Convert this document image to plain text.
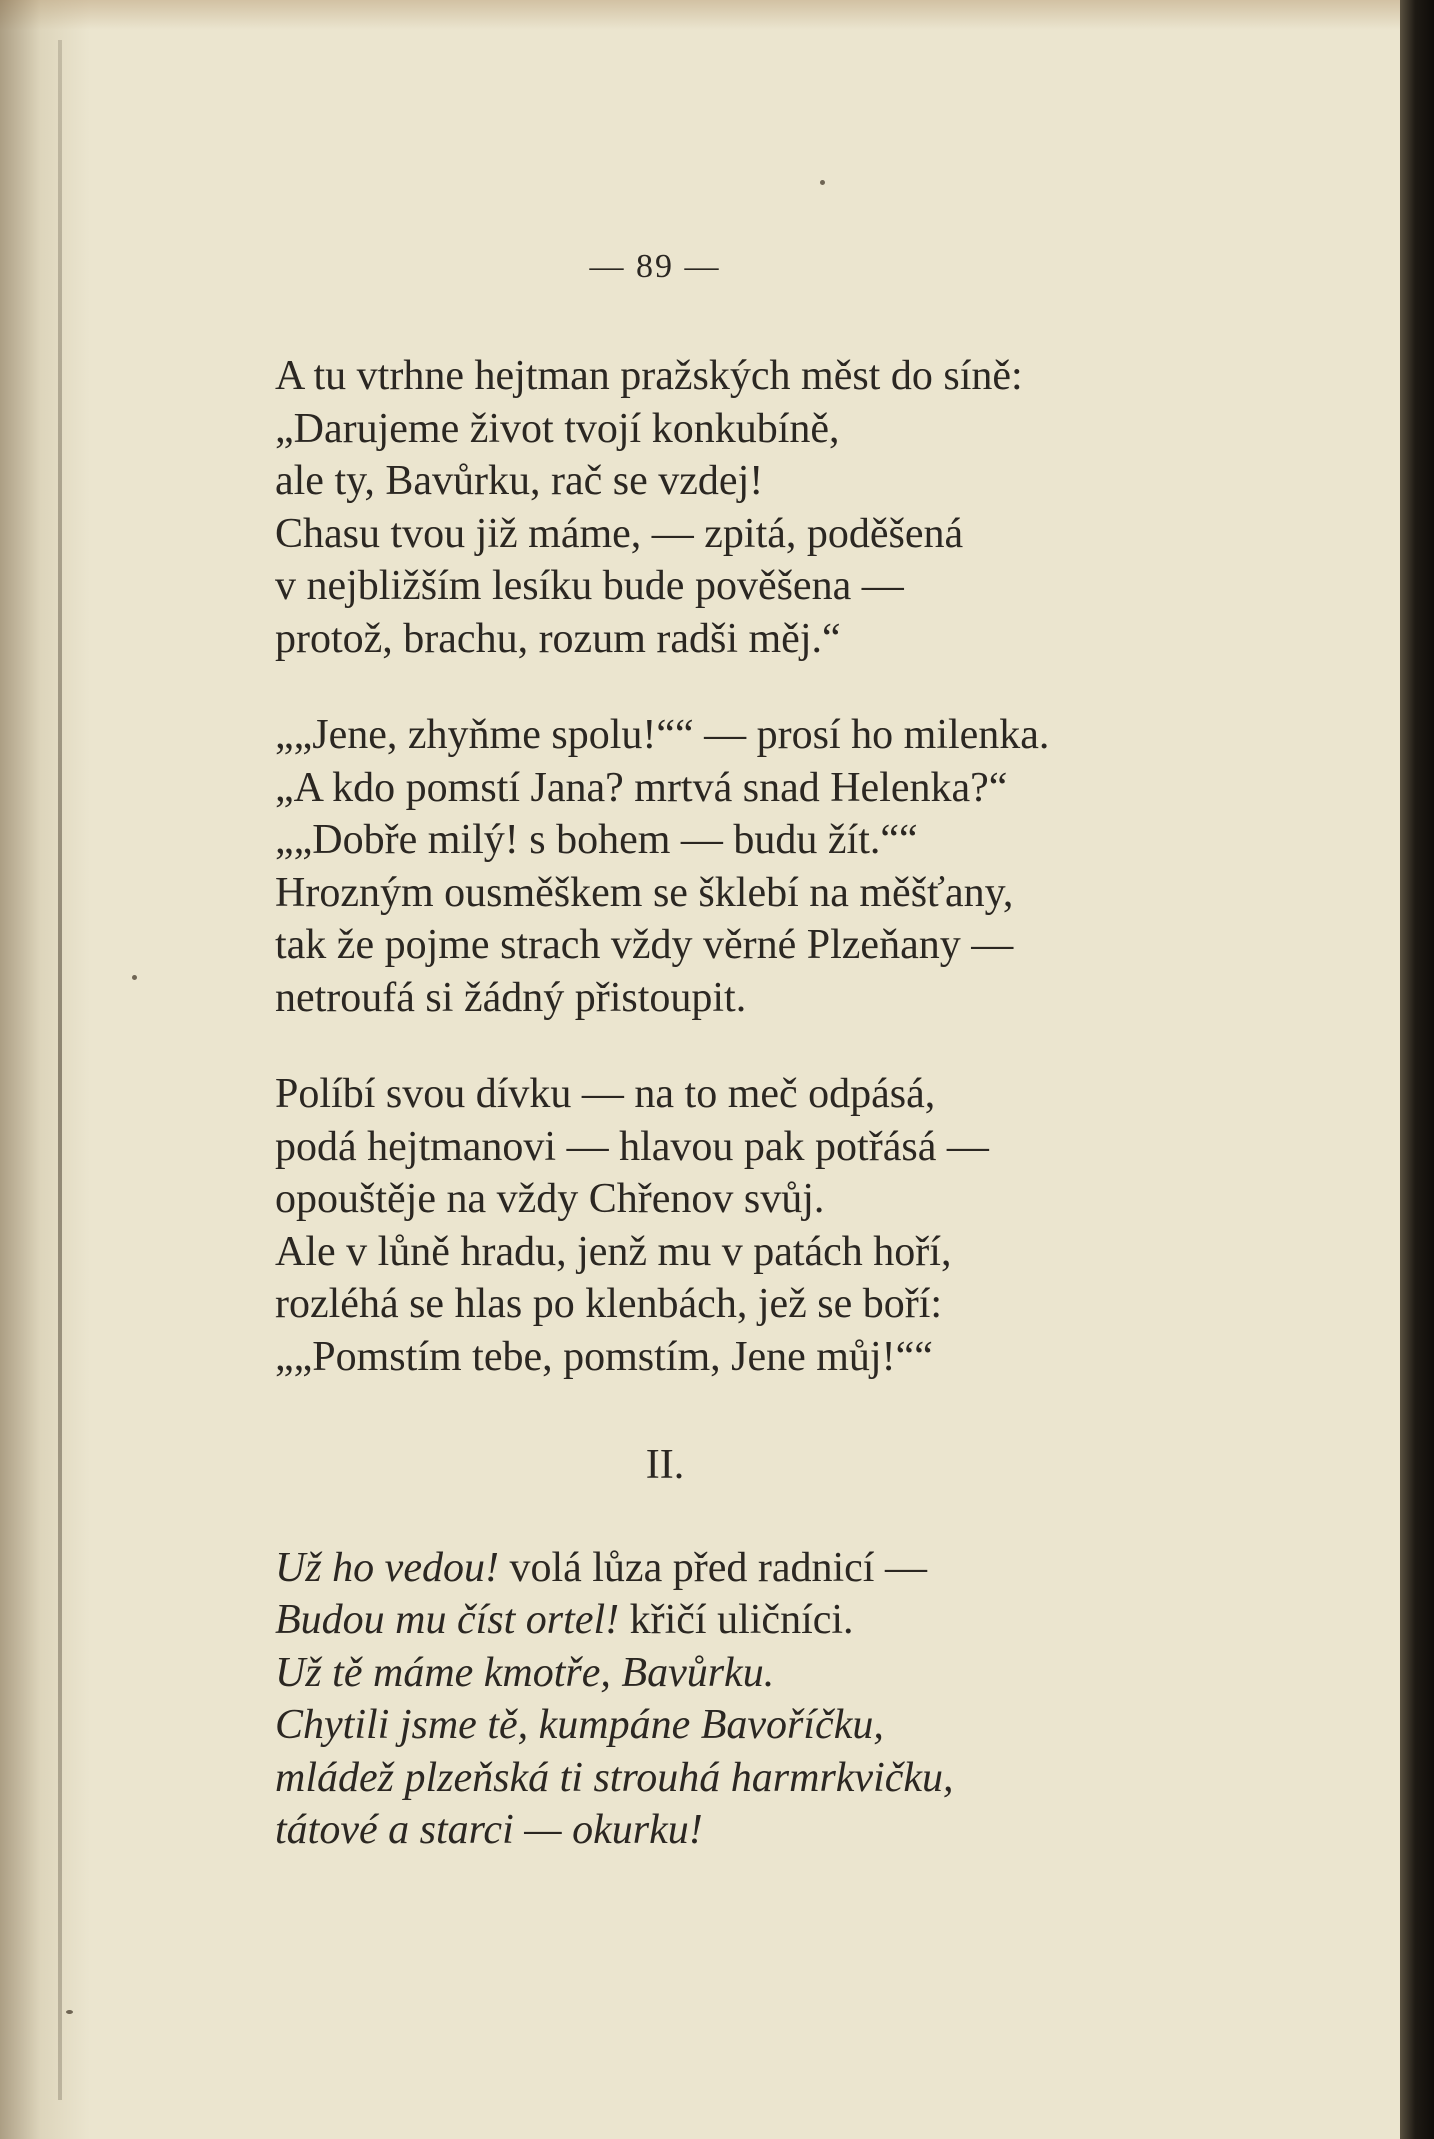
— 89 —
A tu vtrhne hejtman pražských měst do síně:
„Darujeme život tvojí konkubíně,
ale ty, Bavůrku, rač se vzdej!
Chasu tvou již máme, — zpitá, poděšená
v nejbližším lesíku bude pověšena —
protož, brachu, rozum radši měj.“
„„Jene, zhyňme spolu!““ — prosí ho milenka.
„A kdo pomstí Jana? mrtvá snad Helenka?“
„„Dobře milý! s bohem — budu žít.““
Hrozným ousměškem se šklebí na měšťany,
tak že pojme strach vždy věrné Plzeňany —
netroufá si žádný přistoupit.
Políbí svou dívku — na to meč odpásá,
podá hejtmanovi — hlavou pak potřásá —
opouštěje na vždy Chřenov svůj.
Ale v lůně hradu, jenž mu v patách hoří,
rozléhá se hlas po klenbách, jež se boří:
„„Pomstím tebe, pomstím, Jene můj!““
II.
Už ho vedou! volá lůza před radnicí —
Budou mu číst ortel! křičí uličníci.
Už tě máme kmotře, Bavůrku.
Chytili jsme tě, kumpáne Bavoříčku,
mládež plzeňská ti strouhá harmrkvičku,
tátové a starci — okurku!
